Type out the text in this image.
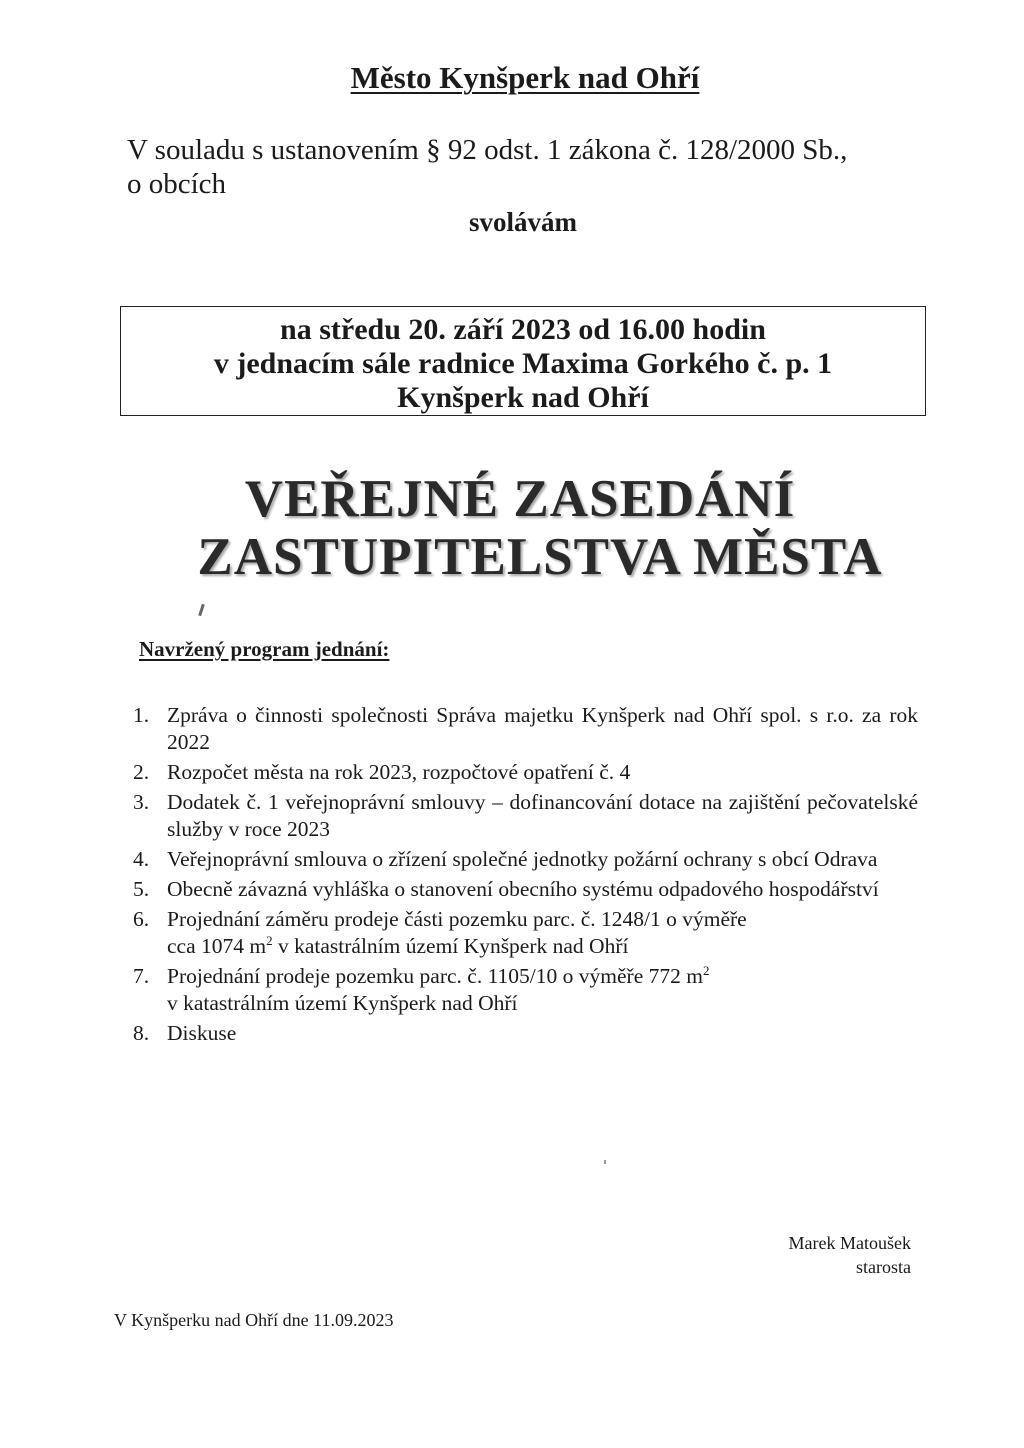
Město Kynšperk nad Ohří
V souladu s ustanovením § 92 odst. 1 zákona č. 128/2000 Sb.,
o obcích
svolávám
na středu 20. září 2023 od 16.00 hodin
v jednacím sále radnice Maxima Gorkého č. p. 1
Kynšperk nad Ohří
VEŘEJNÉ ZASEDÁNÍ
ZASTUPITELSTVA MĚSTA
Navržený program jednání:
1. Zpráva o činnosti společnosti Správa majetku Kynšperk nad Ohří spol. s r.o. za rok 2022
2. Rozpočet města na rok 2023, rozpočtové opatření č. 4
3. Dodatek č. 1 veřejnoprávní smlouvy – dofinancování dotace na zajištění pečovatelské služby v roce 2023
4. Veřejnoprávní smlouva o zřízení společné jednotky požární ochrany s obcí Odrava
5. Obecně závazná vyhláška o stanovení obecního systému odpadového hospodářství
6. Projednání záměru prodeje části pozemku parc. č. 1248/1 o výměře
cca 1074 $m^2$ v katastrálním území Kynšperk nad Ohří
7. Projednání prodeje pozemku parc. č. 1105/10 o výměře 772 $m^2$
v katastrálním území Kynšperk nad Ohří
8. Diskuse
Marek Matoušek
starosta
V Kynšperku nad Ohří dne 11.09.2023
